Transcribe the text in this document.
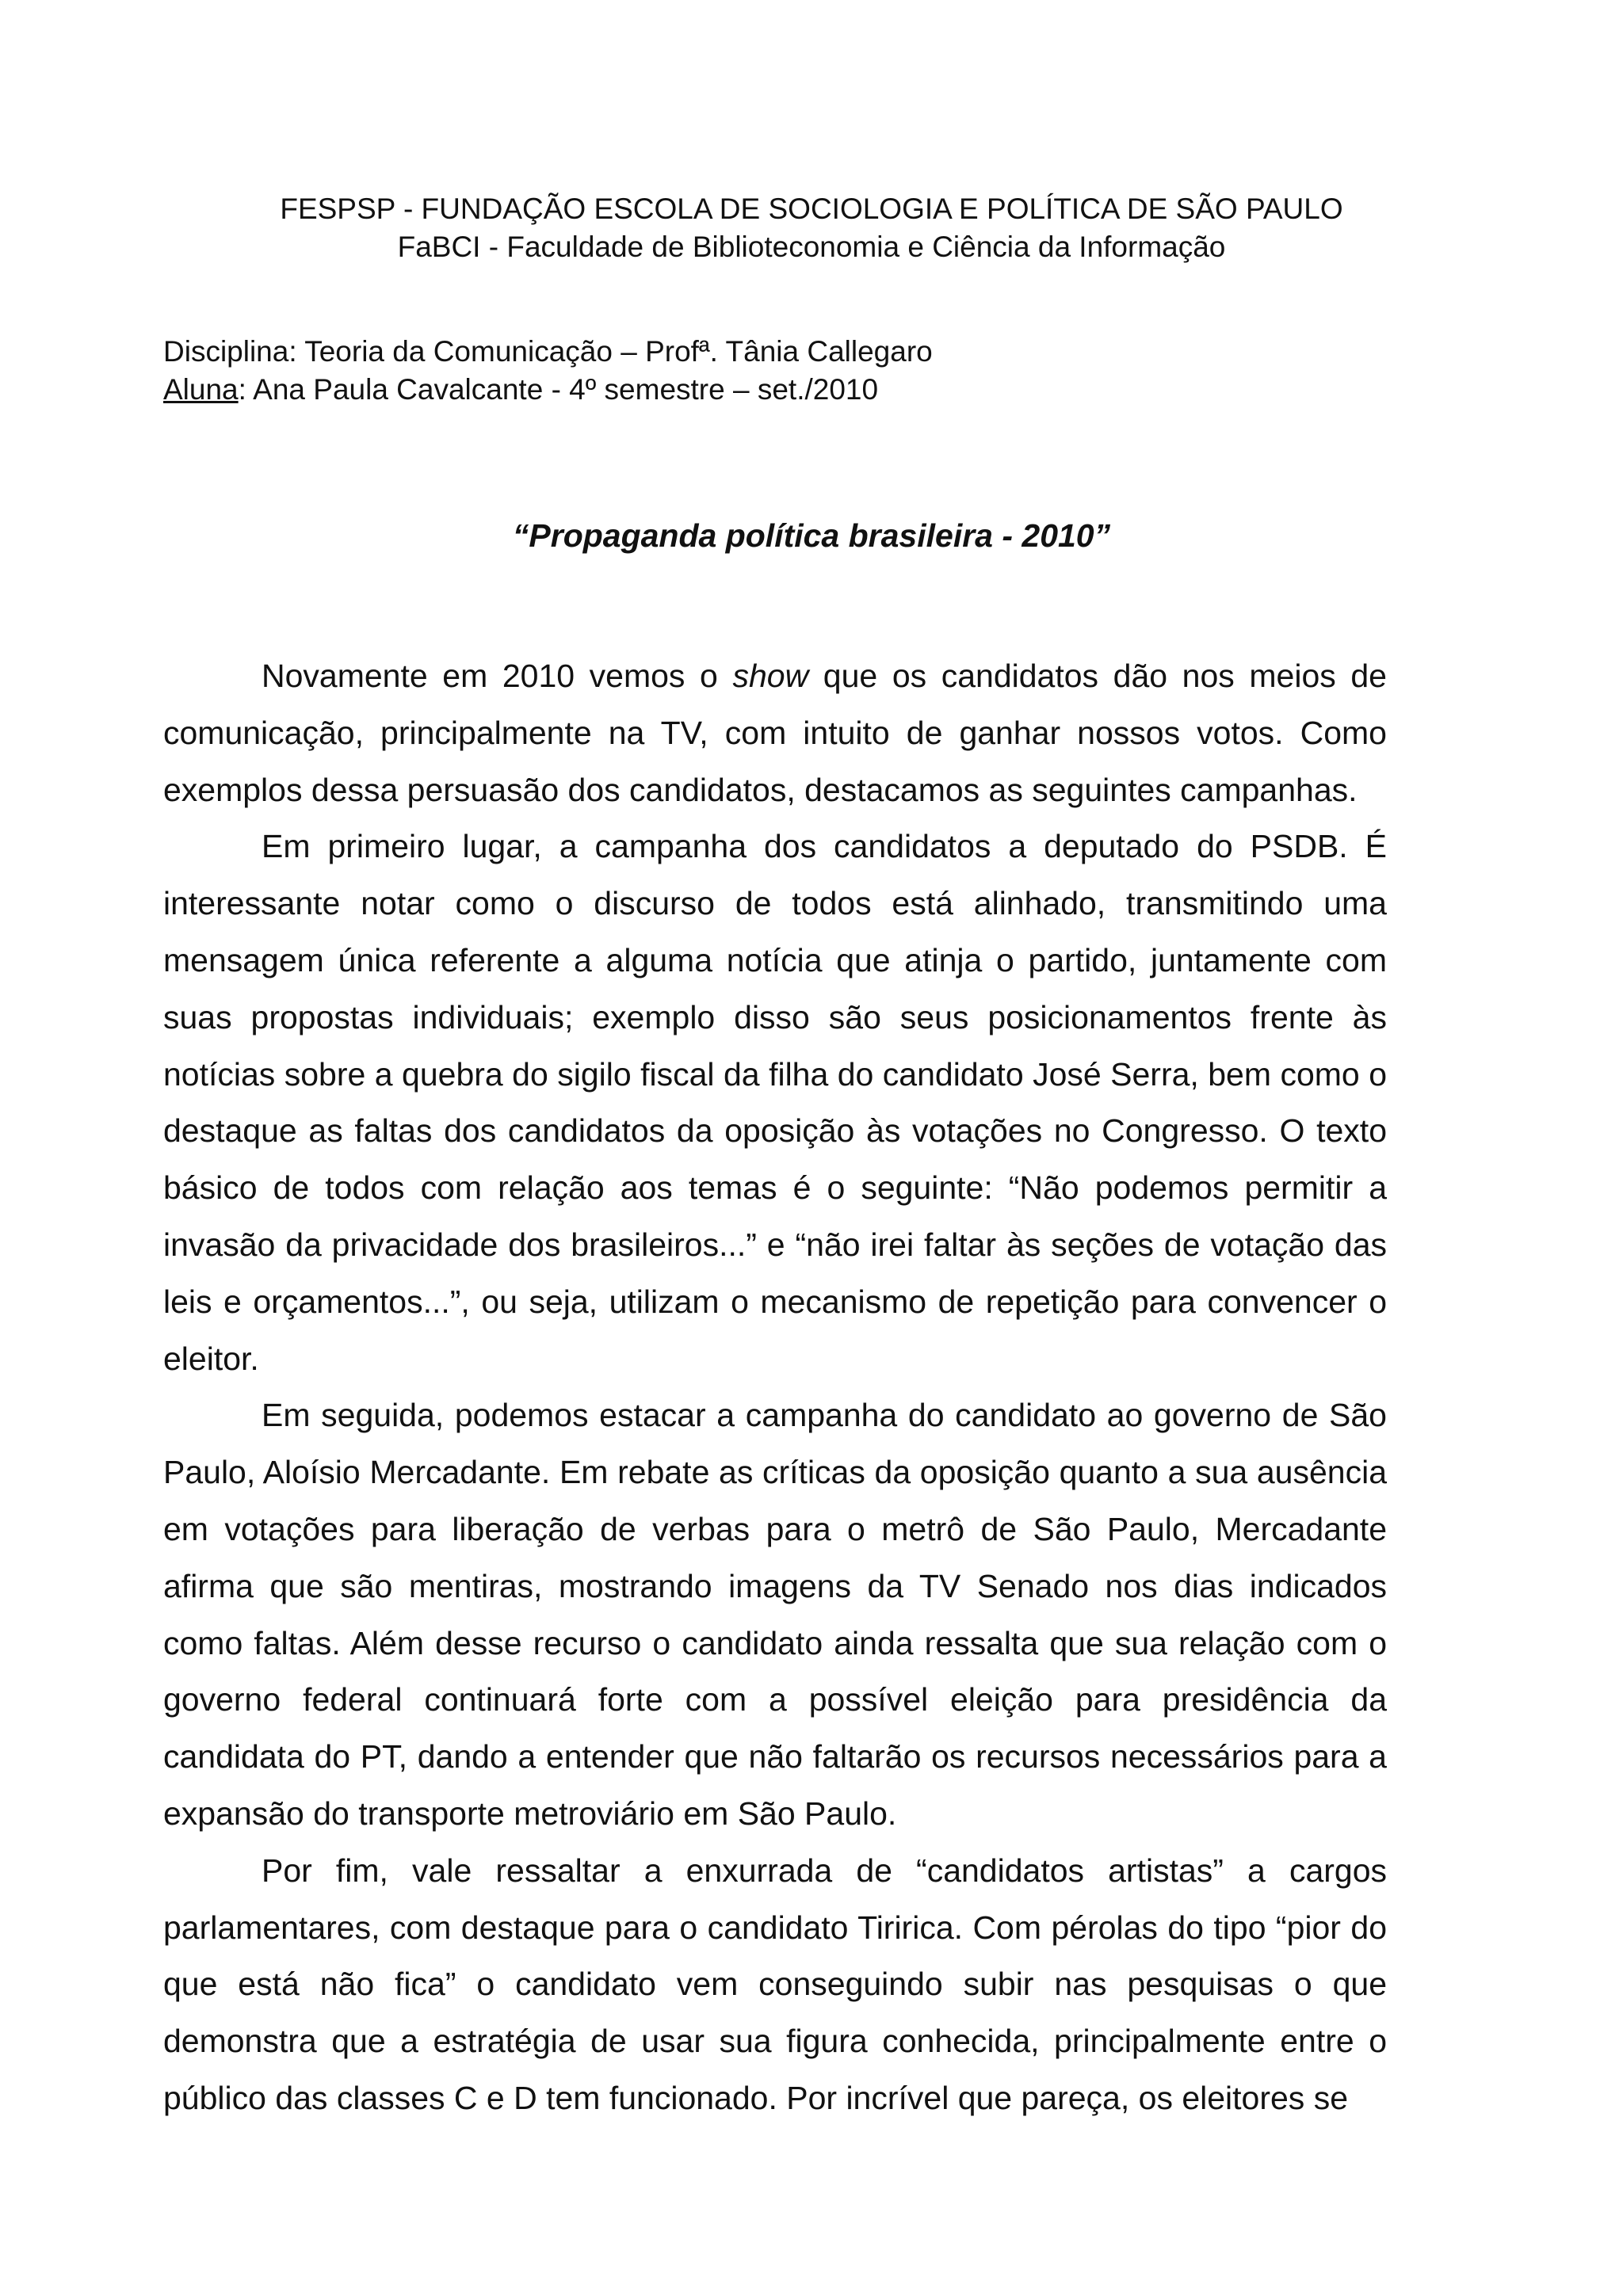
FESPSP - FUNDAÇÃO ESCOLA DE SOCIOLOGIA E POLÍTICA DE SÃO PAULO
FaBCI - Faculdade de Biblioteconomia e Ciência da Informação
Disciplina: Teoria da Comunicação – Profª. Tânia Callegaro
Aluna: Ana Paula Cavalcante - 4º semestre – set./2010
“Propaganda política brasileira - 2010”

Novamente em 2010 vemos o show que os candidatos dão nos meios de comunicação, principalmente na TV, com intuito de ganhar nossos votos. Como exemplos dessa persuasão dos candidatos, destacamos as seguintes campanhas.

Em primeiro lugar, a campanha dos candidatos a deputado do PSDB. É interessante notar como o discurso de todos está alinhado, transmitindo uma mensagem única referente a alguma notícia que atinja o partido, juntamente com suas propostas individuais; exemplo disso são seus posicionamentos frente às notícias sobre a quebra do sigilo fiscal da filha do candidato José Serra, bem como o destaque as faltas dos candidatos da oposição às votações no Congresso. O texto básico de todos com relação aos temas é o seguinte: “Não podemos permitir a invasão da privacidade dos brasileiros...” e “não irei faltar às seções de votação das leis e orçamentos...”, ou seja, utilizam o mecanismo de repetição para convencer o eleitor.

Em seguida, podemos estacar a campanha do candidato ao governo de São Paulo, Aloísio Mercadante. Em rebate as críticas da oposição quanto a sua ausência em votações para liberação de verbas para o metrô de São Paulo, Mercadante afirma que são mentiras, mostrando imagens da TV Senado nos dias indicados como faltas. Além desse recurso o candidato ainda ressalta que sua relação com o governo federal continuará forte com a possível eleição para presidência da candidata do PT, dando a entender que não faltarão os recursos necessários para a expansão do transporte metroviário em São Paulo.

Por fim, vale ressaltar a enxurrada de “candidatos artistas” a cargos parlamentares, com destaque para o candidato Tiririca. Com pérolas do tipo “pior do que está não fica” o candidato vem conseguindo subir nas pesquisas o que demonstra que a estratégia de usar sua figura conhecida, principalmente entre o público das classes C e D tem funcionado. Por incrível que pareça, os eleitores se
